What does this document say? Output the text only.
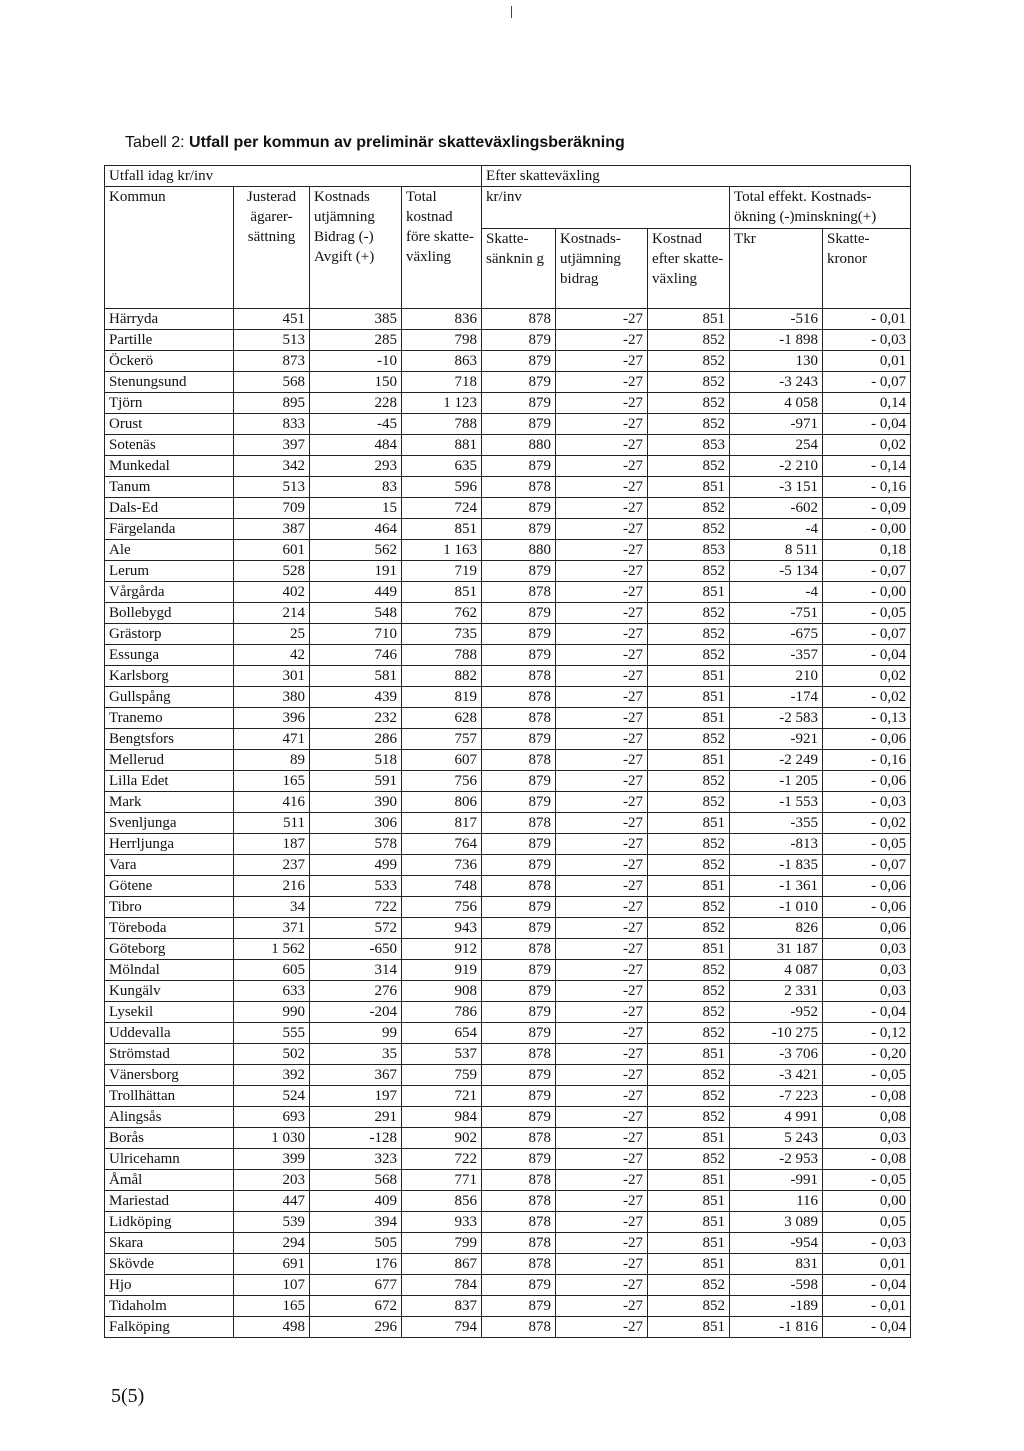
Tabell 2: Utfall per kommun av preliminär skatteväxlingsberäkning
Utfall idag kr/inv				Efter skatteväxling				
Kommun	Justerad ägarer-sättning	Kostnads utjämning Bidrag (-) Avgift (+)	Total kostnad före skatte-växling	kr/inv			Total effekt. Kostnads-ökning (-)minskning(+)	
				Skatte-sänknin g	Kostnads-utjämning bidrag	Kostnad efter skatte-växling	Tkr	Skatte-kronor
Härryda	451	385	836	878	-27	851	-516	- 0,01
Partille	513	285	798	879	-27	852	-1 898	- 0,03
Öckerö	873	-10	863	879	-27	852	130	0,01
Stenungsund	568	150	718	879	-27	852	-3 243	- 0,07
Tjörn	895	228	1 123	879	-27	852	4 058	0,14
Orust	833	-45	788	879	-27	852	-971	- 0,04
Sotenäs	397	484	881	880	-27	853	254	0,02
Munkedal	342	293	635	879	-27	852	-2 210	- 0,14
Tanum	513	83	596	878	-27	851	-3 151	- 0,16
Dals-Ed	709	15	724	879	-27	852	-602	- 0,09
Färgelanda	387	464	851	879	-27	852	-4	- 0,00
Ale	601	562	1 163	880	-27	853	8 511	0,18
Lerum	528	191	719	879	-27	852	-5 134	- 0,07
Vårgårda	402	449	851	878	-27	851	-4	- 0,00
Bollebygd	214	548	762	879	-27	852	-751	- 0,05
Grästorp	25	710	735	879	-27	852	-675	- 0,07
Essunga	42	746	788	879	-27	852	-357	- 0,04
Karlsborg	301	581	882	878	-27	851	210	0,02
Gullspång	380	439	819	878	-27	851	-174	- 0,02
Tranemo	396	232	628	878	-27	851	-2 583	- 0,13
Bengtsfors	471	286	757	879	-27	852	-921	- 0,06
Mellerud	89	518	607	878	-27	851	-2 249	- 0,16
Lilla Edet	165	591	756	879	-27	852	-1 205	- 0,06
Mark	416	390	806	879	-27	852	-1 553	- 0,03
Svenljunga	511	306	817	878	-27	851	-355	- 0,02
Herrljunga	187	578	764	879	-27	852	-813	- 0,05
Vara	237	499	736	879	-27	852	-1 835	- 0,07
Götene	216	533	748	878	-27	851	-1 361	- 0,06
Tibro	34	722	756	879	-27	852	-1 010	- 0,06
Töreboda	371	572	943	879	-27	852	826	0,06
Göteborg	1 562	-650	912	878	-27	851	31 187	0,03
Mölndal	605	314	919	879	-27	852	4 087	0,03
Kungälv	633	276	908	879	-27	852	2 331	0,03
Lysekil	990	-204	786	879	-27	852	-952	- 0,04
Uddevalla	555	99	654	879	-27	852	-10 275	- 0,12
Strömstad	502	35	537	878	-27	851	-3 706	- 0,20
Vänersborg	392	367	759	879	-27	852	-3 421	- 0,05
Trollhättan	524	197	721	879	-27	852	-7 223	- 0,08
Alingsås	693	291	984	879	-27	852	4 991	0,08
Borås	1 030	-128	902	878	-27	851	5 243	0,03
Ulricehamn	399	323	722	879	-27	852	-2 953	- 0,08
Åmål	203	568	771	878	-27	851	-991	- 0,05
Mariestad	447	409	856	878	-27	851	116	0,00
Lidköping	539	394	933	878	-27	851	3 089	0,05
Skara	294	505	799	878	-27	851	-954	- 0,03
Skövde	691	176	867	878	-27	851	831	0,01
Hjo	107	677	784	879	-27	852	-598	- 0,04
Tidaholm	165	672	837	879	-27	852	-189	- 0,01
Falköping	498	296	794	878	-27	851	-1 816	- 0,04
5(5)
